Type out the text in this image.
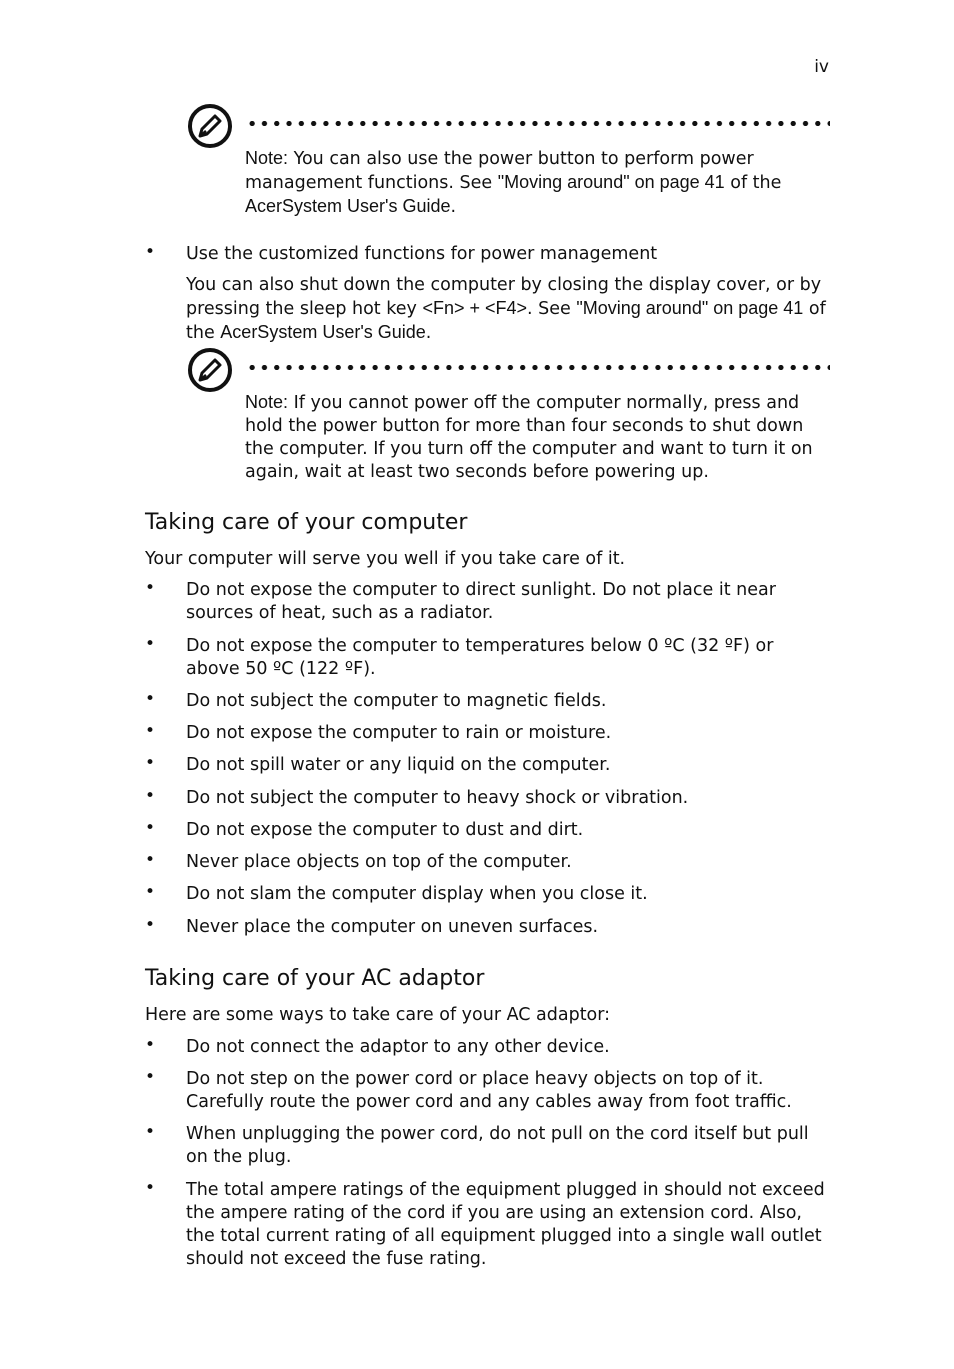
iv
Note: You can also use the power button to perform power management functions. See "Moving around" on page 41 of the AcerSystem User's Guide.
• Use the customized functions for power management
You can also shut down the computer by closing the display cover, or by pressing the sleep hot key <Fn> + <F4>. See "Moving around" on page 41 of the AcerSystem User's Guide.
Note: If you cannot power off the computer normally, press and hold the power button for more than four seconds to shut down the computer. If you turn off the computer and want to turn it on again, wait at least two seconds before powering up.
Taking care of your computer
Your computer will serve you well if you take care of it.
• Do not expose the computer to direct sunlight. Do not place it near sources of heat, such as a radiator.
• Do not expose the computer to temperatures below 0 ºC (32 ºF) or above 50 ºC (122 ºF).
• Do not subject the computer to magnetic fields.
• Do not expose the computer to rain or moisture.
• Do not spill water or any liquid on the computer.
• Do not subject the computer to heavy shock or vibration.
• Do not expose the computer to dust and dirt.
• Never place objects on top of the computer.
• Do not slam the computer display when you close it.
• Never place the computer on uneven surfaces.
Taking care of your AC adaptor
Here are some ways to take care of your AC adaptor:
• Do not connect the adaptor to any other device.
• Do not step on the power cord or place heavy objects on top of it. Carefully route the power cord and any cables away from foot traffic.
• When unplugging the power cord, do not pull on the cord itself but pull on the plug.
• The total ampere ratings of the equipment plugged in should not exceed the ampere rating of the cord if you are using an extension cord. Also, the total current rating of all equipment plugged into a single wall outlet should not exceed the fuse rating.
